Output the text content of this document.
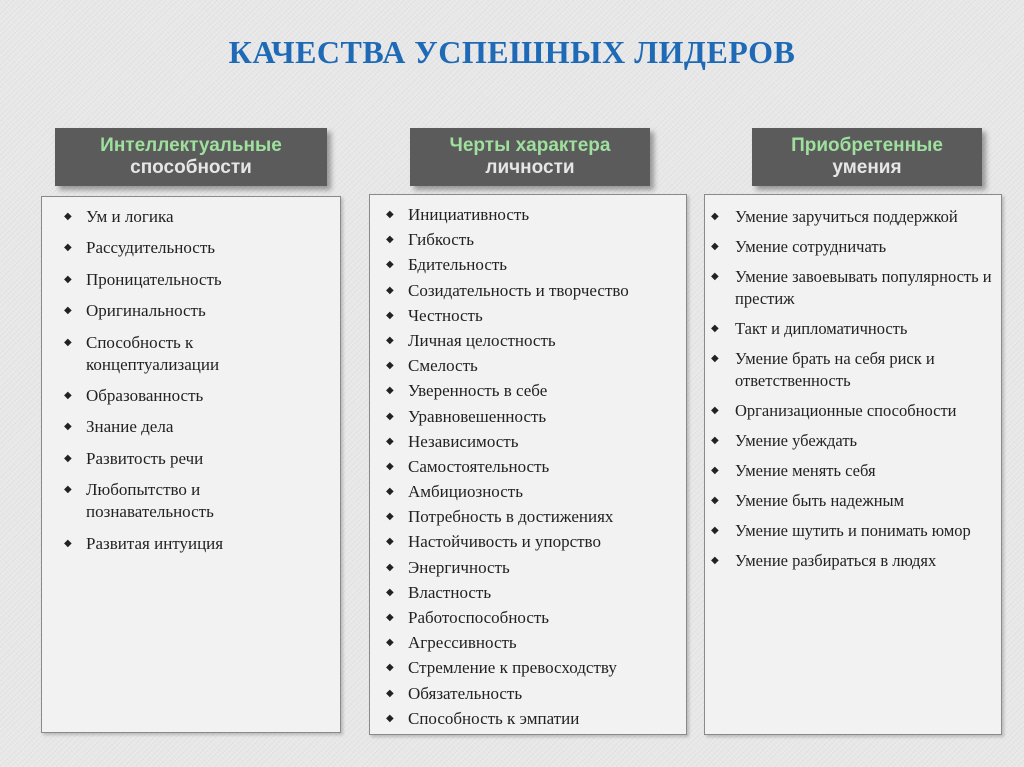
КАЧЕСТВА УСПЕШНЫХ ЛИДЕРОВ
Интеллектуальные
способности
◆ Ум и логика
◆ Рассудительность
◆ Проницательность
◆ Оригинальность
◆ Способность к концептуализации
◆ Образованность
◆ Знание дела
◆ Развитость речи
◆ Любопытство и познавательность
◆ Развитая интуиция
Черты характера
личности
◆ Инициативность
◆ Гибкость
◆ Бдительность
◆ Созидательность и творчество
◆ Честность
◆ Личная целостность
◆ Смелость
◆ Уверенность в себе
◆ Уравновешенность
◆ Независимость
◆ Самостоятельность
◆ Амбициозность
◆ Потребность в достижениях
◆ Настойчивость и упорство
◆ Энергичность
◆ Властность
◆ Работоспособность
◆ Агрессивность
◆ Стремление к превосходству
◆ Обязательность
◆ Способность к эмпатии
Приобретенные
умения
◆ Умение заручиться поддержкой
◆ Умение сотрудничать
◆ Умение завоевывать популярность и престиж
◆ Такт и дипломатичность
◆ Умение брать на себя риск и ответственность
◆ Организационные способности
◆ Умение убеждать
◆ Умение менять себя
◆ Умение быть надежным
◆ Умение шутить и понимать юмор
◆ Умение разбираться в людях
